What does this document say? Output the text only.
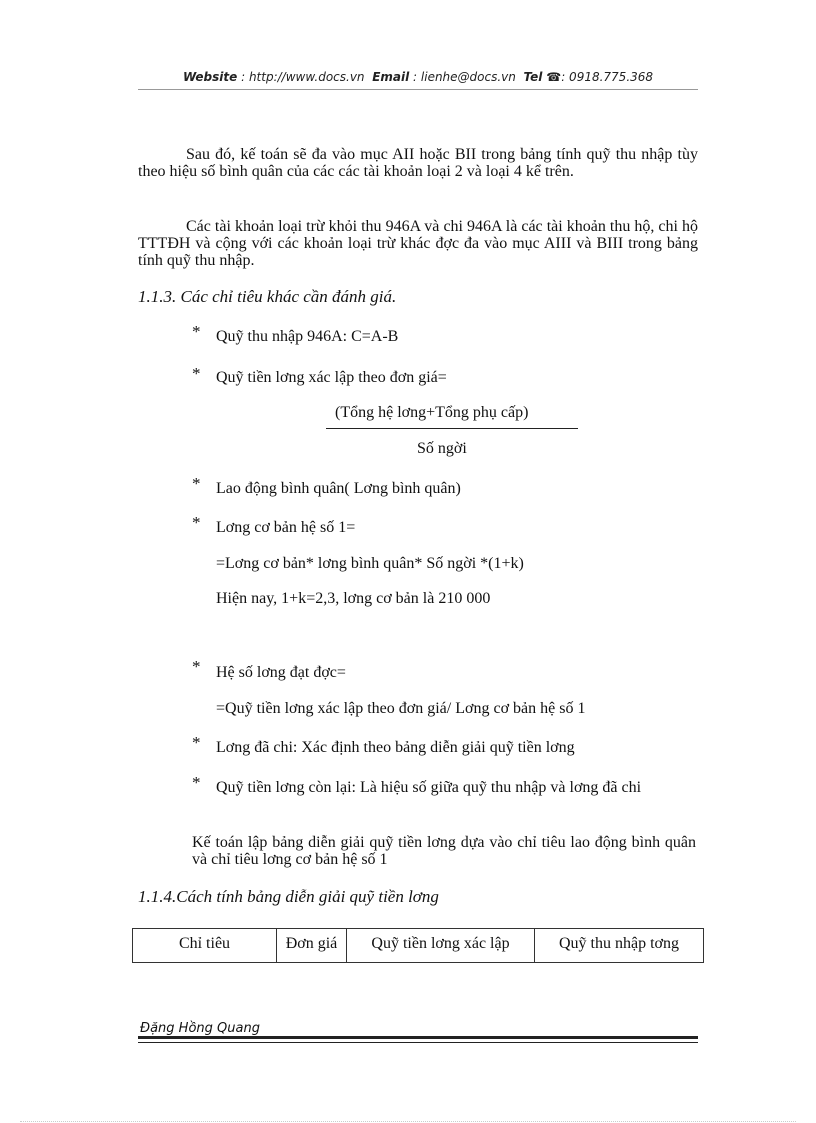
Website : http://www.docs.vn Email : lienhe@docs.vn Tel ☎: 0918.775.368
Sau đó, kế toán sẽ đa vào mục AII hoặc BII trong bảng tính quỹ thu nhập tùy theo hiệu số bình quân của các các tài khoản loại 2 và loại 4 kể trên.
Các tài khoản loại trừ khỏi thu 946A và chi 946A là các tài khoản thu hộ, chi hộ TTTĐH và cộng với các khoản loại trừ khác đợc đa vào mục AIII và BIII trong bảng tính quỹ thu nhập.
1.1.3. Các chỉ tiêu khác cần đánh giá.
* Quỹ thu nhập 946A: C=A-B
* Quỹ tiền lơng xác lập theo đơn giá=
(Tổng hệ lơng+Tổng phụ cấp)
Số ngời
* Lao động bình quân( Lơng bình quân)
* Lơng cơ bản hệ số 1=
=Lơng cơ bản* lơng bình quân* Số ngời *(1+k)
Hiện nay, 1+k=2,3, lơng cơ bản là 210 000
* Hệ số lơng đạt đợc=
=Quỹ tiền lơng xác lập theo đơn giá/ Lơng cơ bản hệ số 1
* Lơng đã chi: Xác định theo bảng diễn giải quỹ tiền lơng
* Quỹ tiền lơng còn lại: Là hiệu số giữa quỹ thu nhập và lơng đã chi
Kế toán lập bảng diễn giải quỹ tiền lơng dựa vào chỉ tiêu lao động bình quân và chỉ tiêu lơng cơ bản hệ số 1
1.1.4.Cách tính bảng diễn giải quỹ tiền lơng
Chỉ tiêu	Đơn giá	Quỹ tiền lơng xác lập	Quỹ thu nhập tơng
Đặng Hồng Quang
